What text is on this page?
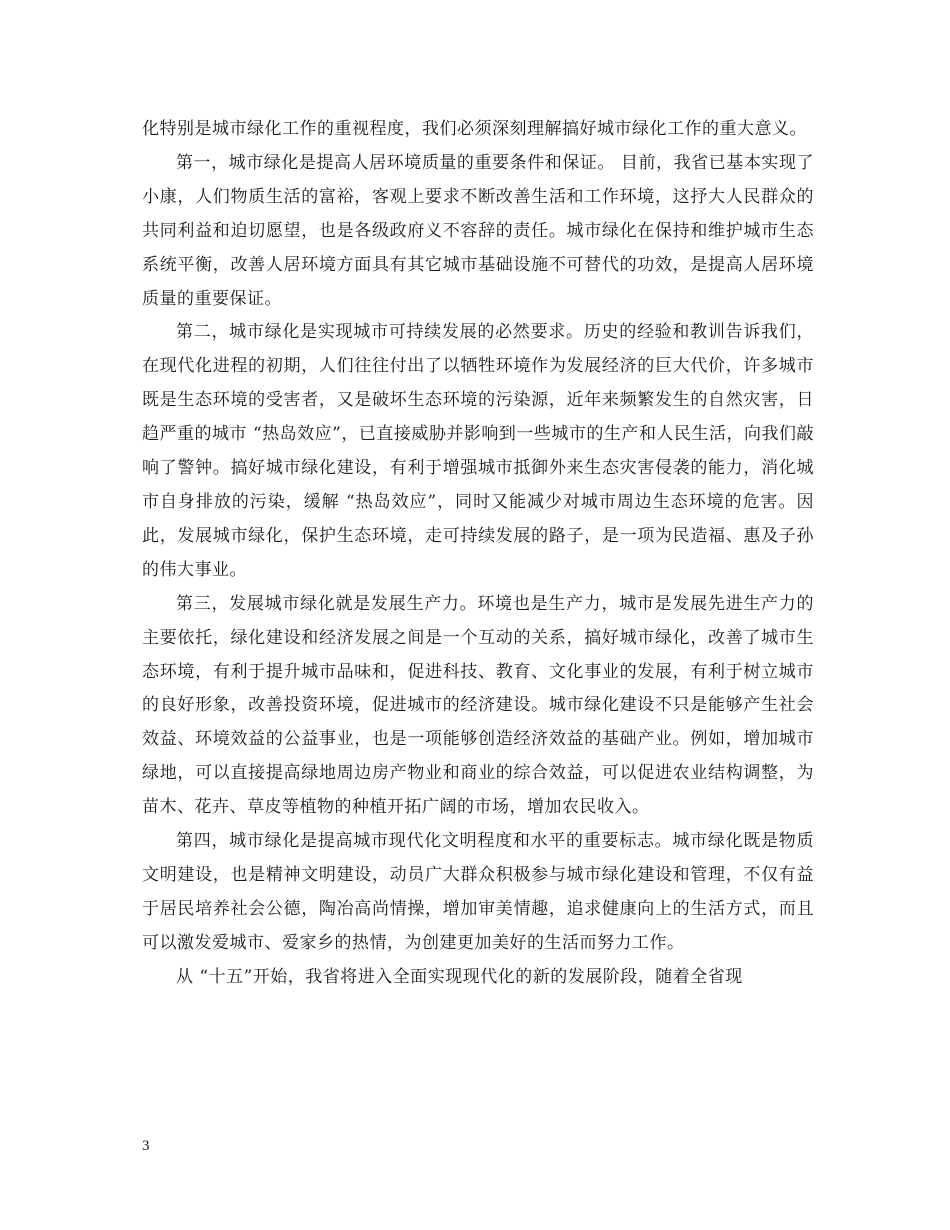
化特别是城市绿化工作的重视程度，我们必须深刻理解搞好城市绿化工作的重大意义。

第一，城市绿化是提高人居环境质量的重要条件和保证。 目前，我省已基本实现了小康，人们物质生活的富裕，客观上要求不断改善生活和工作环境，这抒大人民群众的共同利益和迫切愿望，也是各级政府义不容辞的责任。城市绿化在保持和维护城市生态系统平衡，改善人居环境方面具有其它城市基础设施不可替代的功效，是提高人居环境质量的重要保证。

第二，城市绿化是实现城市可持续发展的必然要求。历史的经验和教训告诉我们，在现代化进程的初期，人们往往付出了以牺牲环境作为发展经济的巨大代价，许多城市既是生态环境的受害者，又是破坏生态环境的污染源，近年来频繁发生的自然灾害，日趋严重的城市 “热岛效应”，已直接威胁并影响到一些城市的生产和人民生活，向我们敲响了警钟。搞好城市绿化建设，有利于增强城市抵御外来生态灾害侵袭的能力，消化城市自身排放的污染，缓解 “热岛效应”，同时又能减少对城市周边生态环境的危害。因此，发展城市绿化，保护生态环境，走可持续发展的路子，是一项为民造福、惠及子孙的伟大事业。

第三，发展城市绿化就是发展生产力。环境也是生产力，城市是发展先进生产力的主要依托，绿化建设和经济发展之间是一个互动的关系，搞好城市绿化，改善了城市生态环境，有利于提升城市品味和，促进科技、教育、文化事业的发展，有利于树立城市的良好形象，改善投资环境，促进城市的经济建设。城市绿化建设不只是能够产生社会效益、环境效益的公益事业，也是一项能够创造经济效益的基础产业。例如，增加城市绿地，可以直接提高绿地周边房产物业和商业的综合效益，可以促进农业结构调整，为苗木、花卉、草皮等植物的种植开拓广阔的市场，增加农民收入。

第四，城市绿化是提高城市现代化文明程度和水平的重要标志。城市绿化既是物质文明建设，也是精神文明建设，动员广大群众积极参与城市绿化建设和管理，不仅有益于居民培养社会公德，陶冶高尚情操，增加审美情趣，追求健康向上的生活方式，而且可以激发爱城市、爱家乡的热情，为创建更加美好的生活而努力工作。

从 “十五”开始，我省将进入全面实现现代化的新的发展阶段，随着全省现

3
